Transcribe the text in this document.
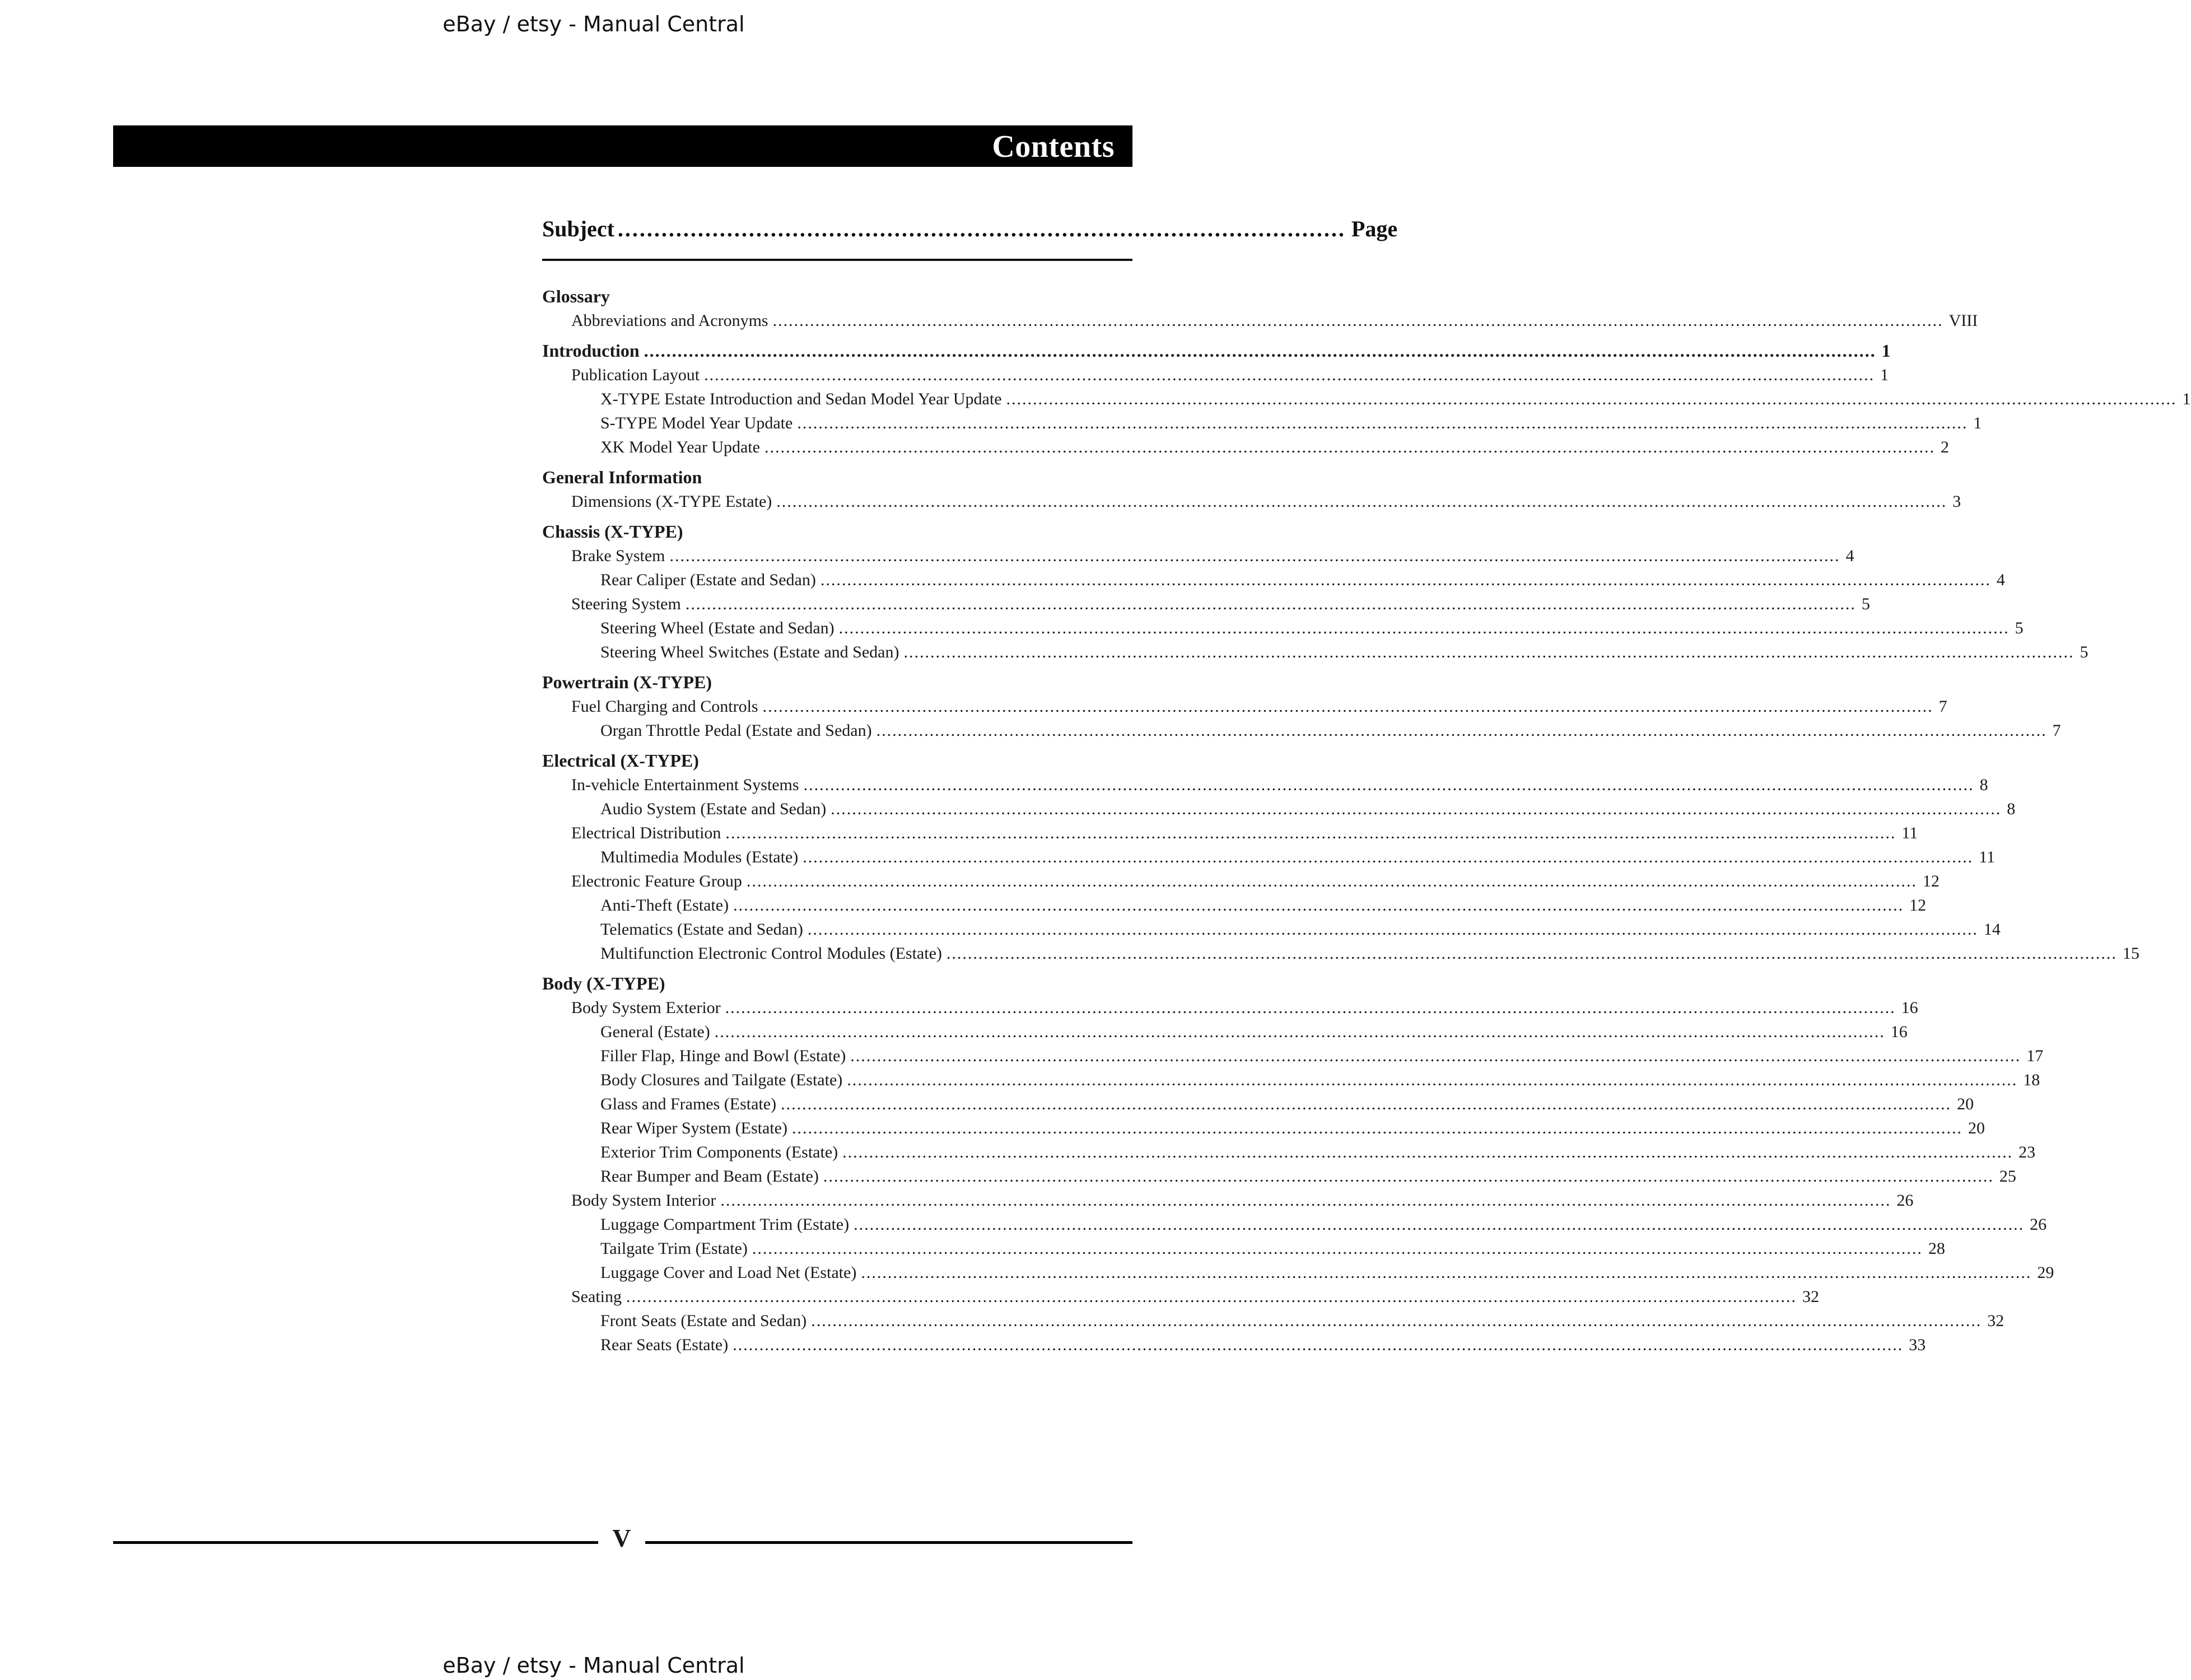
eBay / etsy - Manual Central
Contents
Subject .................................................................................................... Page
Glossary
Abbreviations and Acronyms ............................................................................................................................................................................................................................ VIII
Introduction ............................................................................................................................................................................................................................ 1
Publication Layout ............................................................................................................................................................................................................................ 1
X-TYPE Estate Introduction and Sedan Model Year Update ............................................................................................................................................................................................................................ 1
S-TYPE Model Year Update ............................................................................................................................................................................................................................ 1
XK Model Year Update ............................................................................................................................................................................................................................ 2
General Information
Dimensions (X-TYPE Estate) ............................................................................................................................................................................................................................ 3
Chassis (X-TYPE)
Brake System ............................................................................................................................................................................................................................ 4
Rear Caliper (Estate and Sedan) ............................................................................................................................................................................................................................ 4
Steering System ............................................................................................................................................................................................................................ 5
Steering Wheel (Estate and Sedan) ............................................................................................................................................................................................................................ 5
Steering Wheel Switches (Estate and Sedan) ............................................................................................................................................................................................................................ 5
Powertrain (X-TYPE)
Fuel Charging and Controls ............................................................................................................................................................................................................................ 7
Organ Throttle Pedal (Estate and Sedan) ............................................................................................................................................................................................................................ 7
Electrical (X-TYPE)
In-vehicle Entertainment Systems ............................................................................................................................................................................................................................ 8
Audio System (Estate and Sedan) ............................................................................................................................................................................................................................ 8
Electrical Distribution ............................................................................................................................................................................................................................ 11
Multimedia Modules (Estate) ............................................................................................................................................................................................................................ 11
Electronic Feature Group ............................................................................................................................................................................................................................ 12
Anti-Theft (Estate) ............................................................................................................................................................................................................................ 12
Telematics (Estate and Sedan) ............................................................................................................................................................................................................................ 14
Multifunction Electronic Control Modules (Estate) ............................................................................................................................................................................................................................ 15
Body (X-TYPE)
Body System Exterior ............................................................................................................................................................................................................................ 16
General (Estate) ............................................................................................................................................................................................................................ 16
Filler Flap, Hinge and Bowl (Estate) ............................................................................................................................................................................................................................ 17
Body Closures and Tailgate (Estate) ............................................................................................................................................................................................................................ 18
Glass and Frames (Estate) ............................................................................................................................................................................................................................ 20
Rear Wiper System (Estate) ............................................................................................................................................................................................................................ 20
Exterior Trim Components (Estate) ............................................................................................................................................................................................................................ 23
Rear Bumper and Beam (Estate) ............................................................................................................................................................................................................................ 25
Body System Interior ............................................................................................................................................................................................................................ 26
Luggage Compartment Trim (Estate) ............................................................................................................................................................................................................................ 26
Tailgate Trim (Estate) ............................................................................................................................................................................................................................ 28
Luggage Cover and Load Net (Estate) ............................................................................................................................................................................................................................ 29
Seating ............................................................................................................................................................................................................................ 32
Front Seats (Estate and Sedan) ............................................................................................................................................................................................................................ 32
Rear Seats (Estate) ............................................................................................................................................................................................................................ 33
V
eBay / etsy - Manual Central
